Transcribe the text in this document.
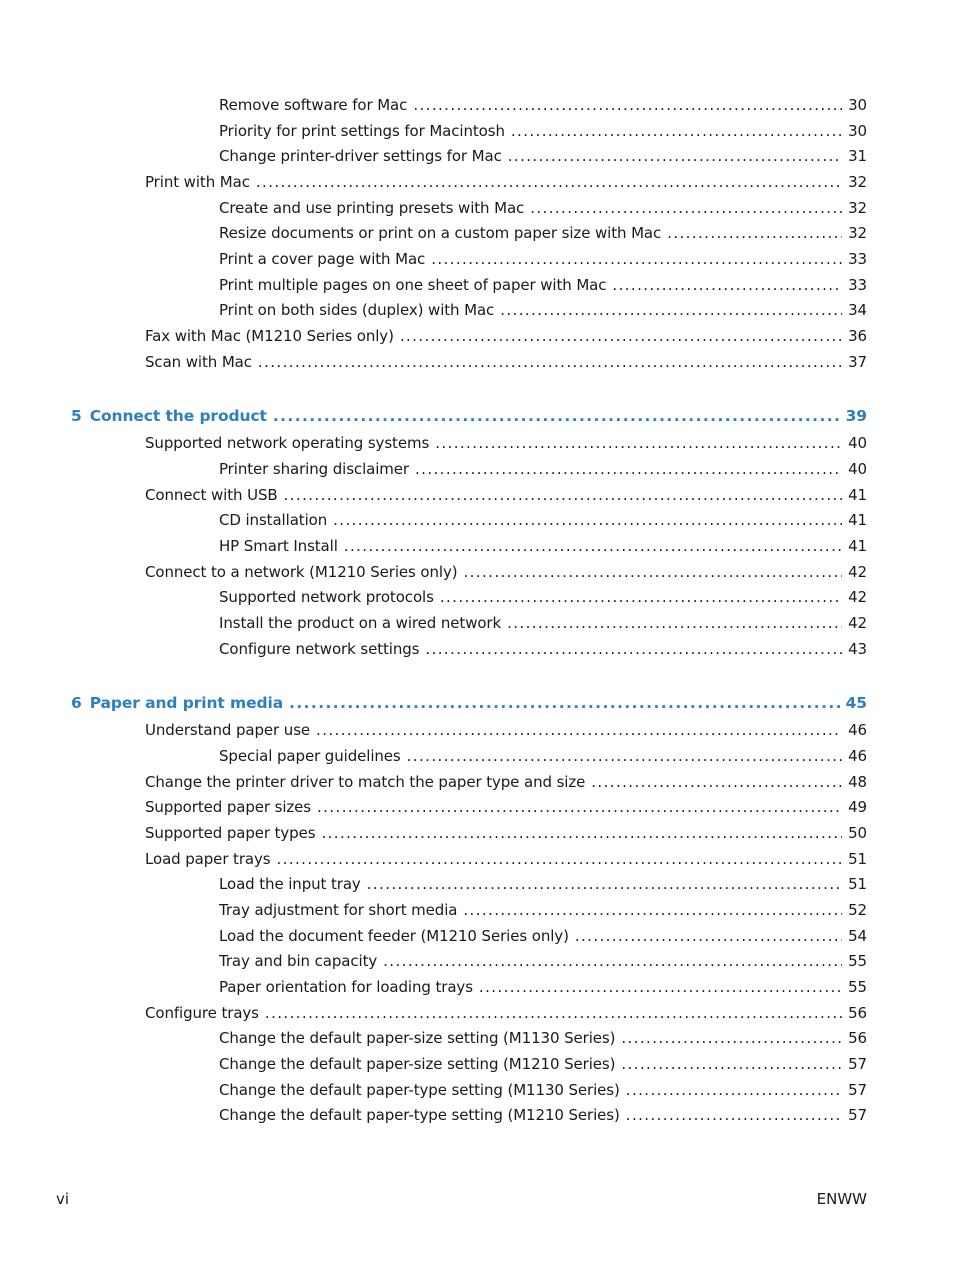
Remove software for Mac .....	30
Priority for print settings for Macintosh .....	30
Change printer-driver settings for Mac .....	31
Print with Mac .....	32
Create and use printing presets with Mac .....	32
Resize documents or print on a custom paper size with Mac .....	32
Print a cover page with Mac .....	33
Print multiple pages on one sheet of paper with Mac .....	33
Print on both sides (duplex) with Mac .....	34
Fax with Mac (M1210 Series only) .....	36
Scan with Mac .....	37
5 Connect the product .....	39
Supported network operating systems .....	40
Printer sharing disclaimer .....	40
Connect with USB .....	41
CD installation .....	41
HP Smart Install .....	41
Connect to a network (M1210 Series only) .....	42
Supported network protocols .....	42
Install the product on a wired network .....	42
Configure network settings .....	43
6 Paper and print media .....	45
Understand paper use .....	46
Special paper guidelines .....	46
Change the printer driver to match the paper type and size .....	48
Supported paper sizes .....	49
Supported paper types .....	50
Load paper trays .....	51
Load the input tray .....	51
Tray adjustment for short media .....	52
Load the document feeder (M1210 Series only) .....	54
Tray and bin capacity .....	55
Paper orientation for loading trays .....	55
Configure trays .....	56
Change the default paper-size setting (M1130 Series) .....	56
Change the default paper-size setting (M1210 Series) .....	57
Change the default paper-type setting (M1130 Series) .....	57
Change the default paper-type setting (M1210 Series) .....	57
vi	ENWW
